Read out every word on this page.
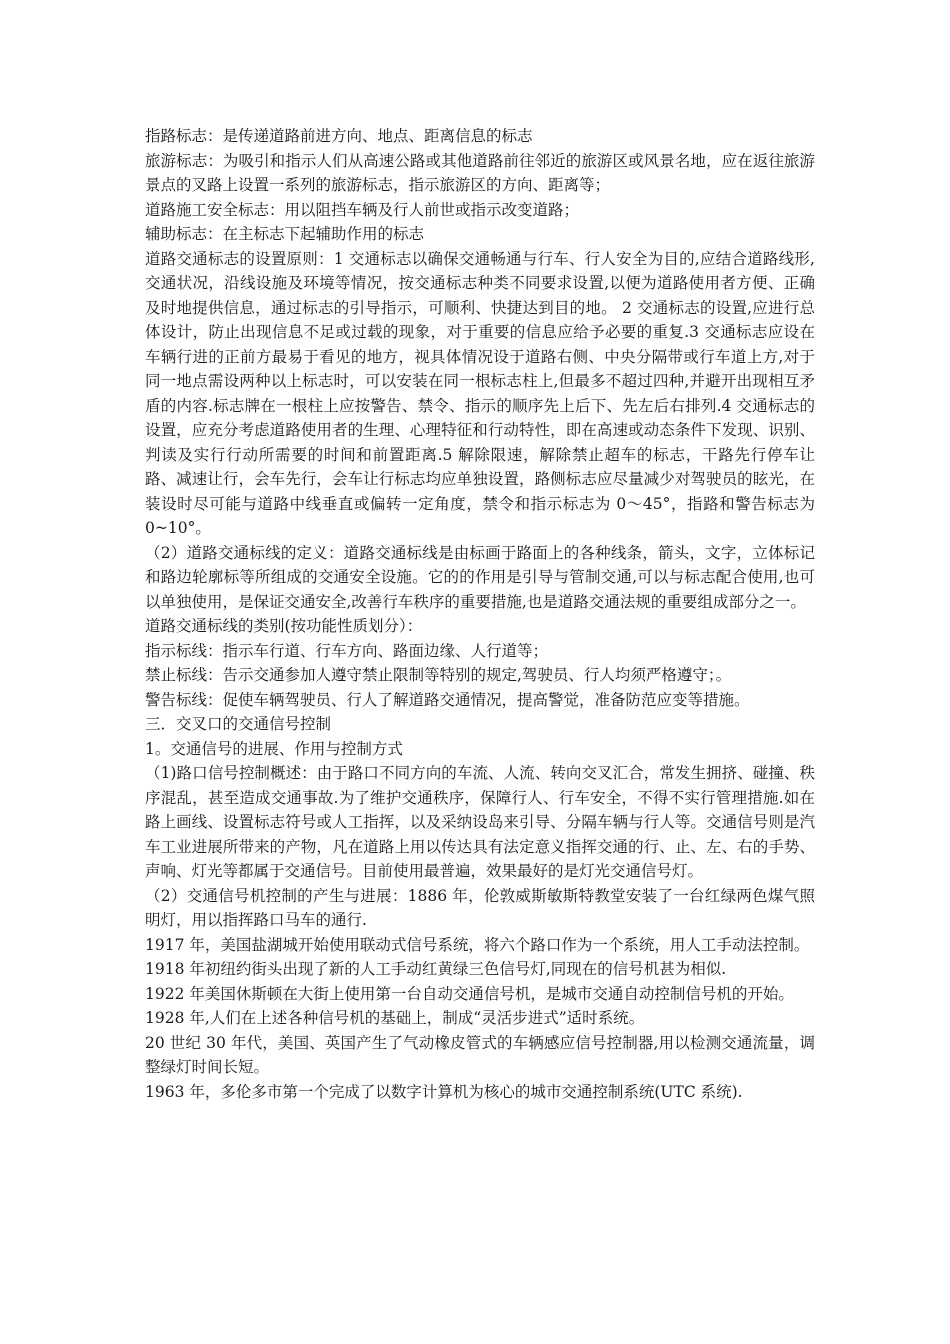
指路标志：是传递道路前进方向、地点、距离信息的标志

旅游标志：为吸引和指示人们从高速公路或其他道路前往邻近的旅游区或风景名地，应在返往旅游景点的叉路上设置一系列的旅游标志，指示旅游区的方向、距离等；

道路施工安全标志：用以阻挡车辆及行人前世或指示改变道路；

辅助标志：在主标志下起辅助作用的标志

道路交通标志的设置原则：1 交通标志以确保交通畅通与行车、行人安全为目的,应结合道路线形,交通状况，沿线设施及环境等情况，按交通标志种类不同要求设置,以便为道路使用者方便、正确及时地提供信息，通过标志的引导指示，可顺利、快捷达到目的地。 2 交通标志的设置,应进行总体设计，防止出现信息不足或过载的现象，对于重要的信息应给予必要的重复.3 交通标志应设在车辆行进的正前方最易于看见的地方，视具体情况设于道路右侧、中央分隔带或行车道上方,对于同一地点需设两种以上标志时，可以安装在同一根标志柱上,但最多不超过四种,并避开出现相互矛盾的内容.标志牌在一根柱上应按警告、禁令、指示的顺序先上后下、先左后右排列.4 交通标志的设置，应充分考虑道路使用者的生理、心理特征和行动特性，即在高速或动态条件下发现、识别、判读及实行行动所需要的时间和前置距离.5 解除限速，解除禁止超车的标志，干路先行停车让路、减速让行，会车先行，会车让行标志均应单独设置，路侧标志应尽量减少对驾驶员的眩光，在装设时尽可能与道路中线垂直或偏转一定角度，禁令和指示标志为 0～45°，指路和警告标志为 0~10°。

（2）道路交通标线的定义：道路交通标线是由标画于路面上的各种线条，箭头，文字，立体标记和路边轮廓标等所组成的交通安全设施。它的的作用是引导与管制交通,可以与标志配合使用,也可以单独使用，是保证交通安全,改善行车秩序的重要措施,也是道路交通法规的重要组成部分之一。

道路交通标线的类别(按功能性质划分）：

指示标线：指示车行道、行车方向、路面边缘、人行道等；

禁止标线：告示交通参加人遵守禁止限制等特别的规定,驾驶员、行人均须严格遵守；。

警告标线：促使车辆驾驶员、行人了解道路交通情况，提高警觉，准备防范应变等措施。

三．交叉口的交通信号控制

1。交通信号的进展、作用与控制方式

（1)路口信号控制概述：由于路口不同方向的车流、人流、转向交叉汇合，常发生拥挤、碰撞、秩序混乱，甚至造成交通事故.为了维护交通秩序，保障行人、行车安全，不得不实行管理措施.如在路上画线、设置标志符号或人工指挥，以及采纳设岛来引导、分隔车辆与行人等。交通信号则是汽车工业进展所带来的产物，凡在道路上用以传达具有法定意义指挥交通的行、止、左、右的手势、声响、灯光等都属于交通信号。目前使用最普遍，效果最好的是灯光交通信号灯。

（2）交通信号机控制的产生与进展：1886 年，伦敦威斯敏斯特教堂安装了一台红绿两色煤气照明灯，用以指挥路口马车的通行.

1917 年，美国盐湖城开始使用联动式信号系统，将六个路口作为一个系统，用人工手动法控制。

1918 年初纽约街头出现了新的人工手动红黄绿三色信号灯,同现在的信号机甚为相似.

1922 年美国休斯顿在大街上使用第一台自动交通信号机，是城市交通自动控制信号机的开始。

1928 年,人们在上述各种信号机的基础上，制成“灵活步进式”适时系统。

20 世纪 30 年代，美国、英国产生了气动橡皮管式的车辆感应信号控制器,用以检测交通流量，调整绿灯时间长短。

1963 年，多伦多市第一个完成了以数字计算机为核心的城市交通控制系统(UTC 系统).
